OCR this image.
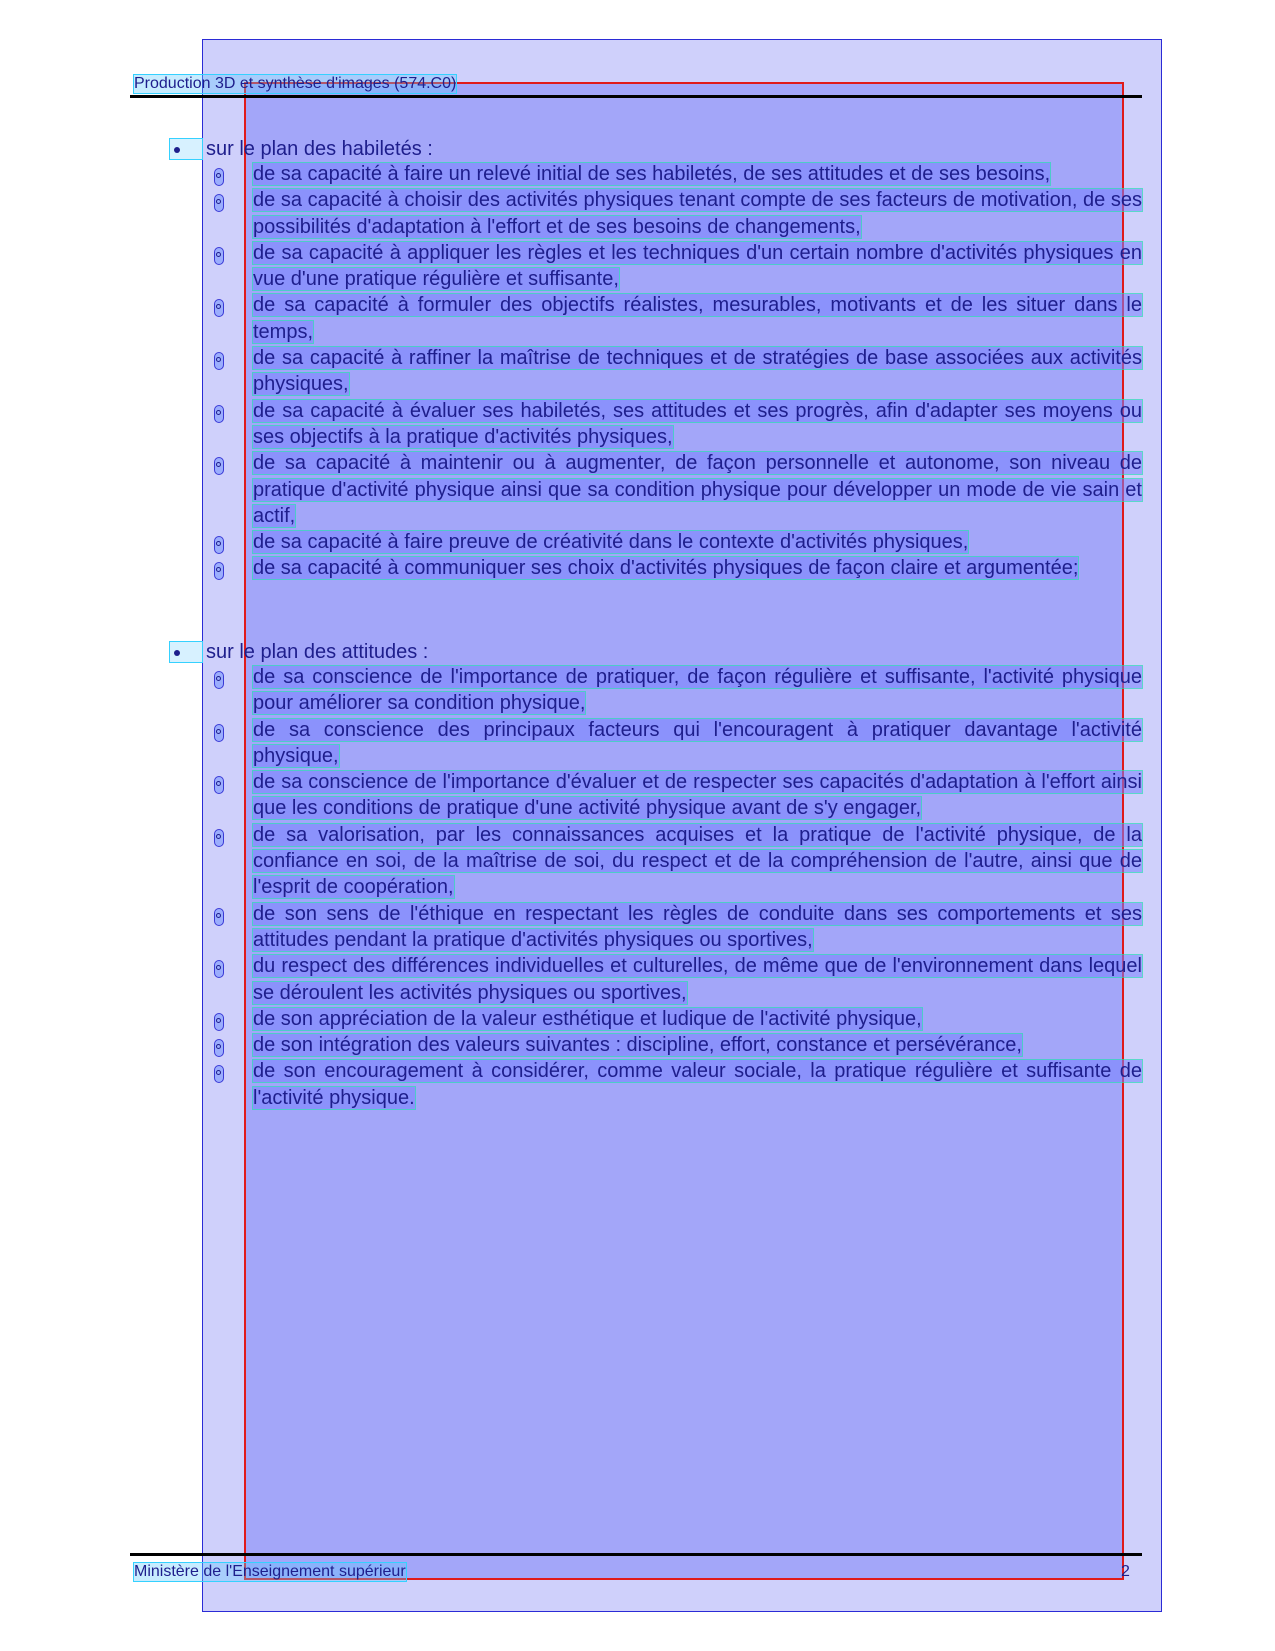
Production 3D et synthèse d'images (574.C0)
sur le plan des habiletés :
de sa capacité à faire un relevé initial de ses habiletés, de ses attitudes et de ses besoins,
de sa capacité à choisir des activités physiques tenant compte de ses facteurs de motivation, de ses possibilités d'adaptation à l'effort et de ses besoins de changements,
de sa capacité à appliquer les règles et les techniques d'un certain nombre d'activités physiques en vue d'une pratique régulière et suffisante,
de sa capacité à formuler des objectifs réalistes, mesurables, motivants et de les situer dans le temps,
de sa capacité à raffiner la maîtrise de techniques et de stratégies de base associées aux activités physiques,
de sa capacité à évaluer ses habiletés, ses attitudes et ses progrès, afin d'adapter ses moyens ou ses objectifs à la pratique d'activités physiques,
de sa capacité à maintenir ou à augmenter, de façon personnelle et autonome, son niveau de pratique d'activité physique ainsi que sa condition physique pour développer un mode de vie sain et actif,
de sa capacité à faire preuve de créativité dans le contexte d'activités physiques,
de sa capacité à communiquer ses choix d'activités physiques de façon claire et argumentée;
sur le plan des attitudes :
de sa conscience de l'importance de pratiquer, de façon régulière et suffisante, l'activité physique pour améliorer sa condition physique,
de sa conscience des principaux facteurs qui l'encouragent à pratiquer davantage l'activité physique,
de sa conscience de l'importance d'évaluer et de respecter ses capacités d'adaptation à l'effort ainsi que les conditions de pratique d'une activité physique avant de s'y engager,
de sa valorisation, par les connaissances acquises et la pratique de l'activité physique, de la confiance en soi, de la maîtrise de soi, du respect et de la compréhension de l'autre, ainsi que de l'esprit de coopération,
de son sens de l'éthique en respectant les règles de conduite dans ses comportements et ses attitudes pendant la pratique d'activités physiques ou sportives,
du respect des différences individuelles et culturelles, de même que de l'environnement dans lequel se déroulent les activités physiques ou sportives,
de son appréciation de la valeur esthétique et ludique de l'activité physique,
de son intégration des valeurs suivantes : discipline, effort, constance et persévérance,
de son encouragement à considérer, comme valeur sociale, la pratique régulière et suffisante de l'activité physique.
Ministère de l'Enseignement supérieur	2
